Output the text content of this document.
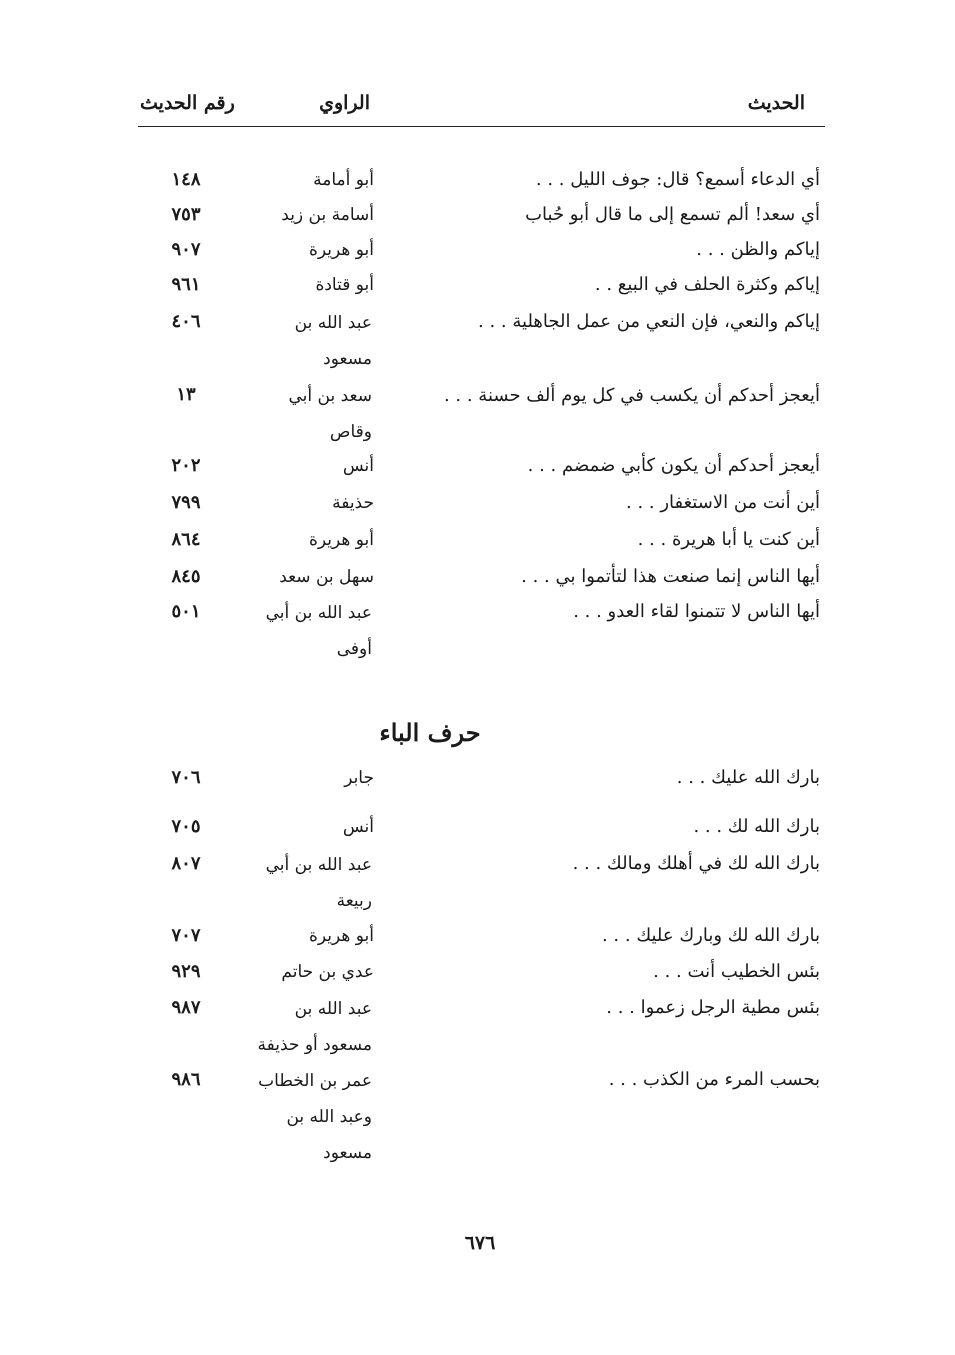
الحديث
الراوي
رقم الحديث
أي الدعاء أسمع؟ قال: جوف الليل . . .
أبو أمامة
١٤٨
أي سعد! ألم تسمع إلى ما قال أبو حُباب
أسامة بن زيد
٧٥٣
إياكم والظن . . .
أبو هريرة
٩٠٧
إياكم وكثرة الحلف في البيع . .
أبو قتادة
٩٦١
إياكم والنعي، فإن النعي من عمل الجاهلية . . .
عبد الله بن مسعود
٤٠٦
أيعجز أحدكم أن يكسب في كل يوم ألف حسنة . . .
سعد بن أبي وقاص
١٣
أيعجز أحدكم أن يكون كأبي ضمضم . . .
أنس
٢٠٢
أين أنت من الاستغفار . . .
حذيفة
٧٩٩
أين كنت يا أبا هريرة . . .
أبو هريرة
٨٦٤
أيها الناس إنما صنعت هذا لتأتموا بي . . .
سهل بن سعد
٨٤٥
أيها الناس لا تتمنوا لقاء العدو . . .
عبد الله بن أبي أوفى
٥٠١
حرف الباء
بارك الله عليك . . .
جابر
٧٠٦
بارك الله لك . . .
أنس
٧٠٥
بارك الله لك في أهلك ومالك . . .
عبد الله بن أبي ربيعة
٨٠٧
بارك الله لك وبارك عليك . . .
أبو هريرة
٧٠٧
بئس الخطيب أنت . . .
عدي بن حاتم
٩٢٩
بئس مطية الرجل زعموا . . .
عبد الله بن مسعود أو حذيفة
٩٨٧
بحسب المرء من الكذب . . .
عمر بن الخطاب وعبد الله بن مسعود
٩٨٦
٦٧٦
